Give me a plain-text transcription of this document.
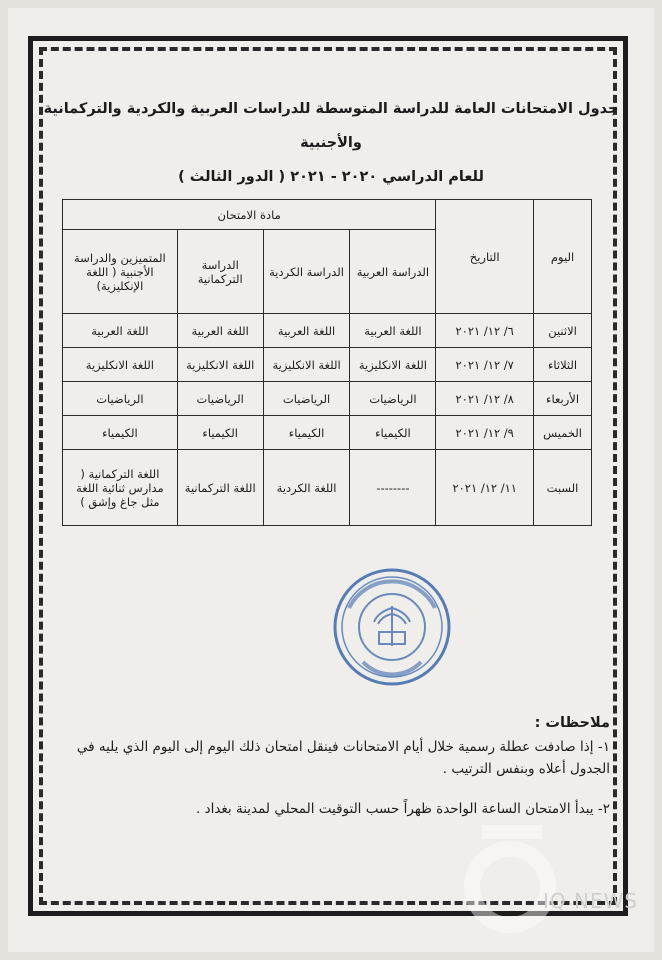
جدول الامتحانات العامة للدراسة المتوسطة للدراسات العربية والكردية والتركمانية والأجنبية
للعام الدراسي ٢٠٢٠ - ٢٠٢١ ( الدور الثالث )
اليوم	التاريخ	مادة الامتحان			
		الدراسة العربية	الدراسة الكردية	الدراسة التركمانية	المتميزين والدراسة الأجنبية ( اللغة الإنكليزية)
الاثنين	٦/ ١٢/ ٢٠٢١	اللغة العربية	اللغة العربية	اللغة العربية	اللغة العربية
الثلاثاء	٧/ ١٢/ ٢٠٢١	اللغة الانكليزية	اللغة الانكليزية	اللغة الانكليزية	اللغة الانكليزية
الأربعاء	٨/ ١٢/ ٢٠٢١	الرياضيات	الرياضيات	الرياضيات	الرياضيات
الخميس	٩/ ١٢/ ٢٠٢١	الكيمياء	الكيمياء	الكيمياء	الكيمياء
السبت	١١/ ١٢/ ٢٠٢١	--------	اللغة الكردية	اللغة التركمانية	اللغة التركمانية ( مدارس ثنائية اللغة مثل جاغ وإشق )
ملاحظات :

١- إذا صادفت عطلة رسمية خلال أيام الامتحانات فينقل امتحان ذلك اليوم إلى اليوم الذي يليه في الجدول أعلاه وبنفس الترتيب .

٢- يبدأ الامتحان الساعة الواحدة ظهراً حسب التوقيت المحلي لمدينة بغداد .

IQ NEWS
